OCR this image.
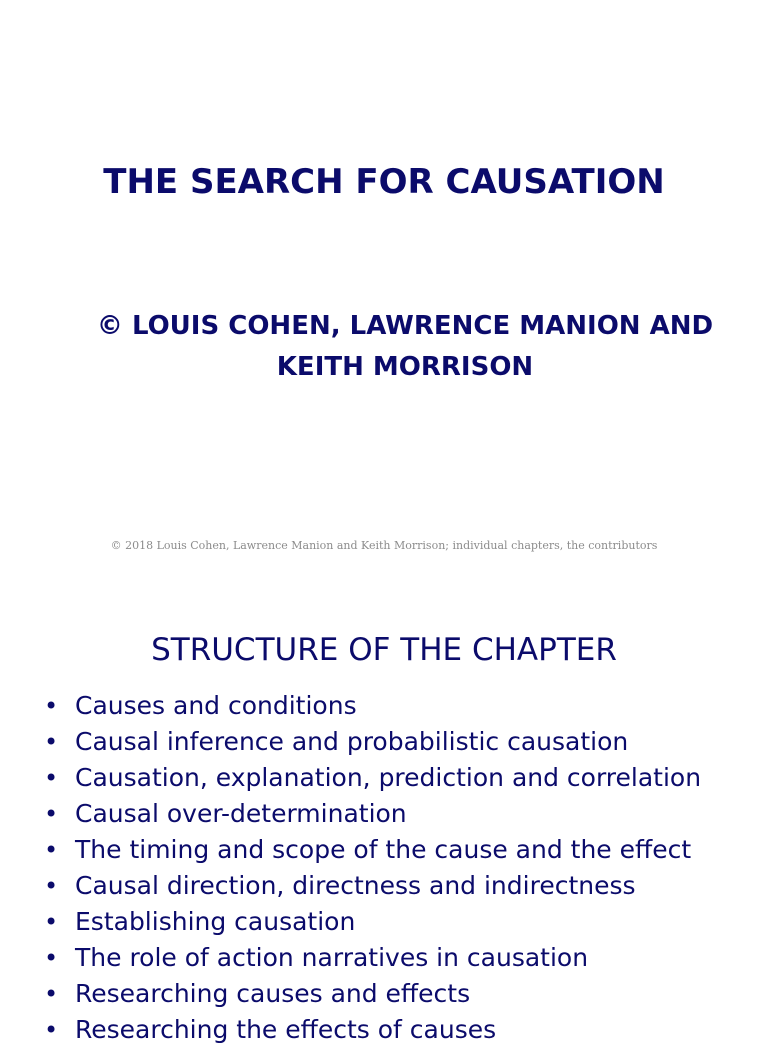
THE SEARCH FOR CAUSATION
© LOUIS COHEN, LAWRENCE MANION AND
KEITH MORRISON

© 2018 Louis Cohen, Lawrence Manion and Keith Morrison; individual chapters, the contributors

STRUCTURE OF THE CHAPTER
• Causes and conditions
• Causal inference and probabilistic causation
• Causation, explanation, prediction and correlation
• Causal over-determination
• The timing and scope of the cause and the effect
• Causal direction, directness and indirectness
• Establishing causation
• The role of action narratives in causation
• Researching causes and effects
• Researching the effects of causes
